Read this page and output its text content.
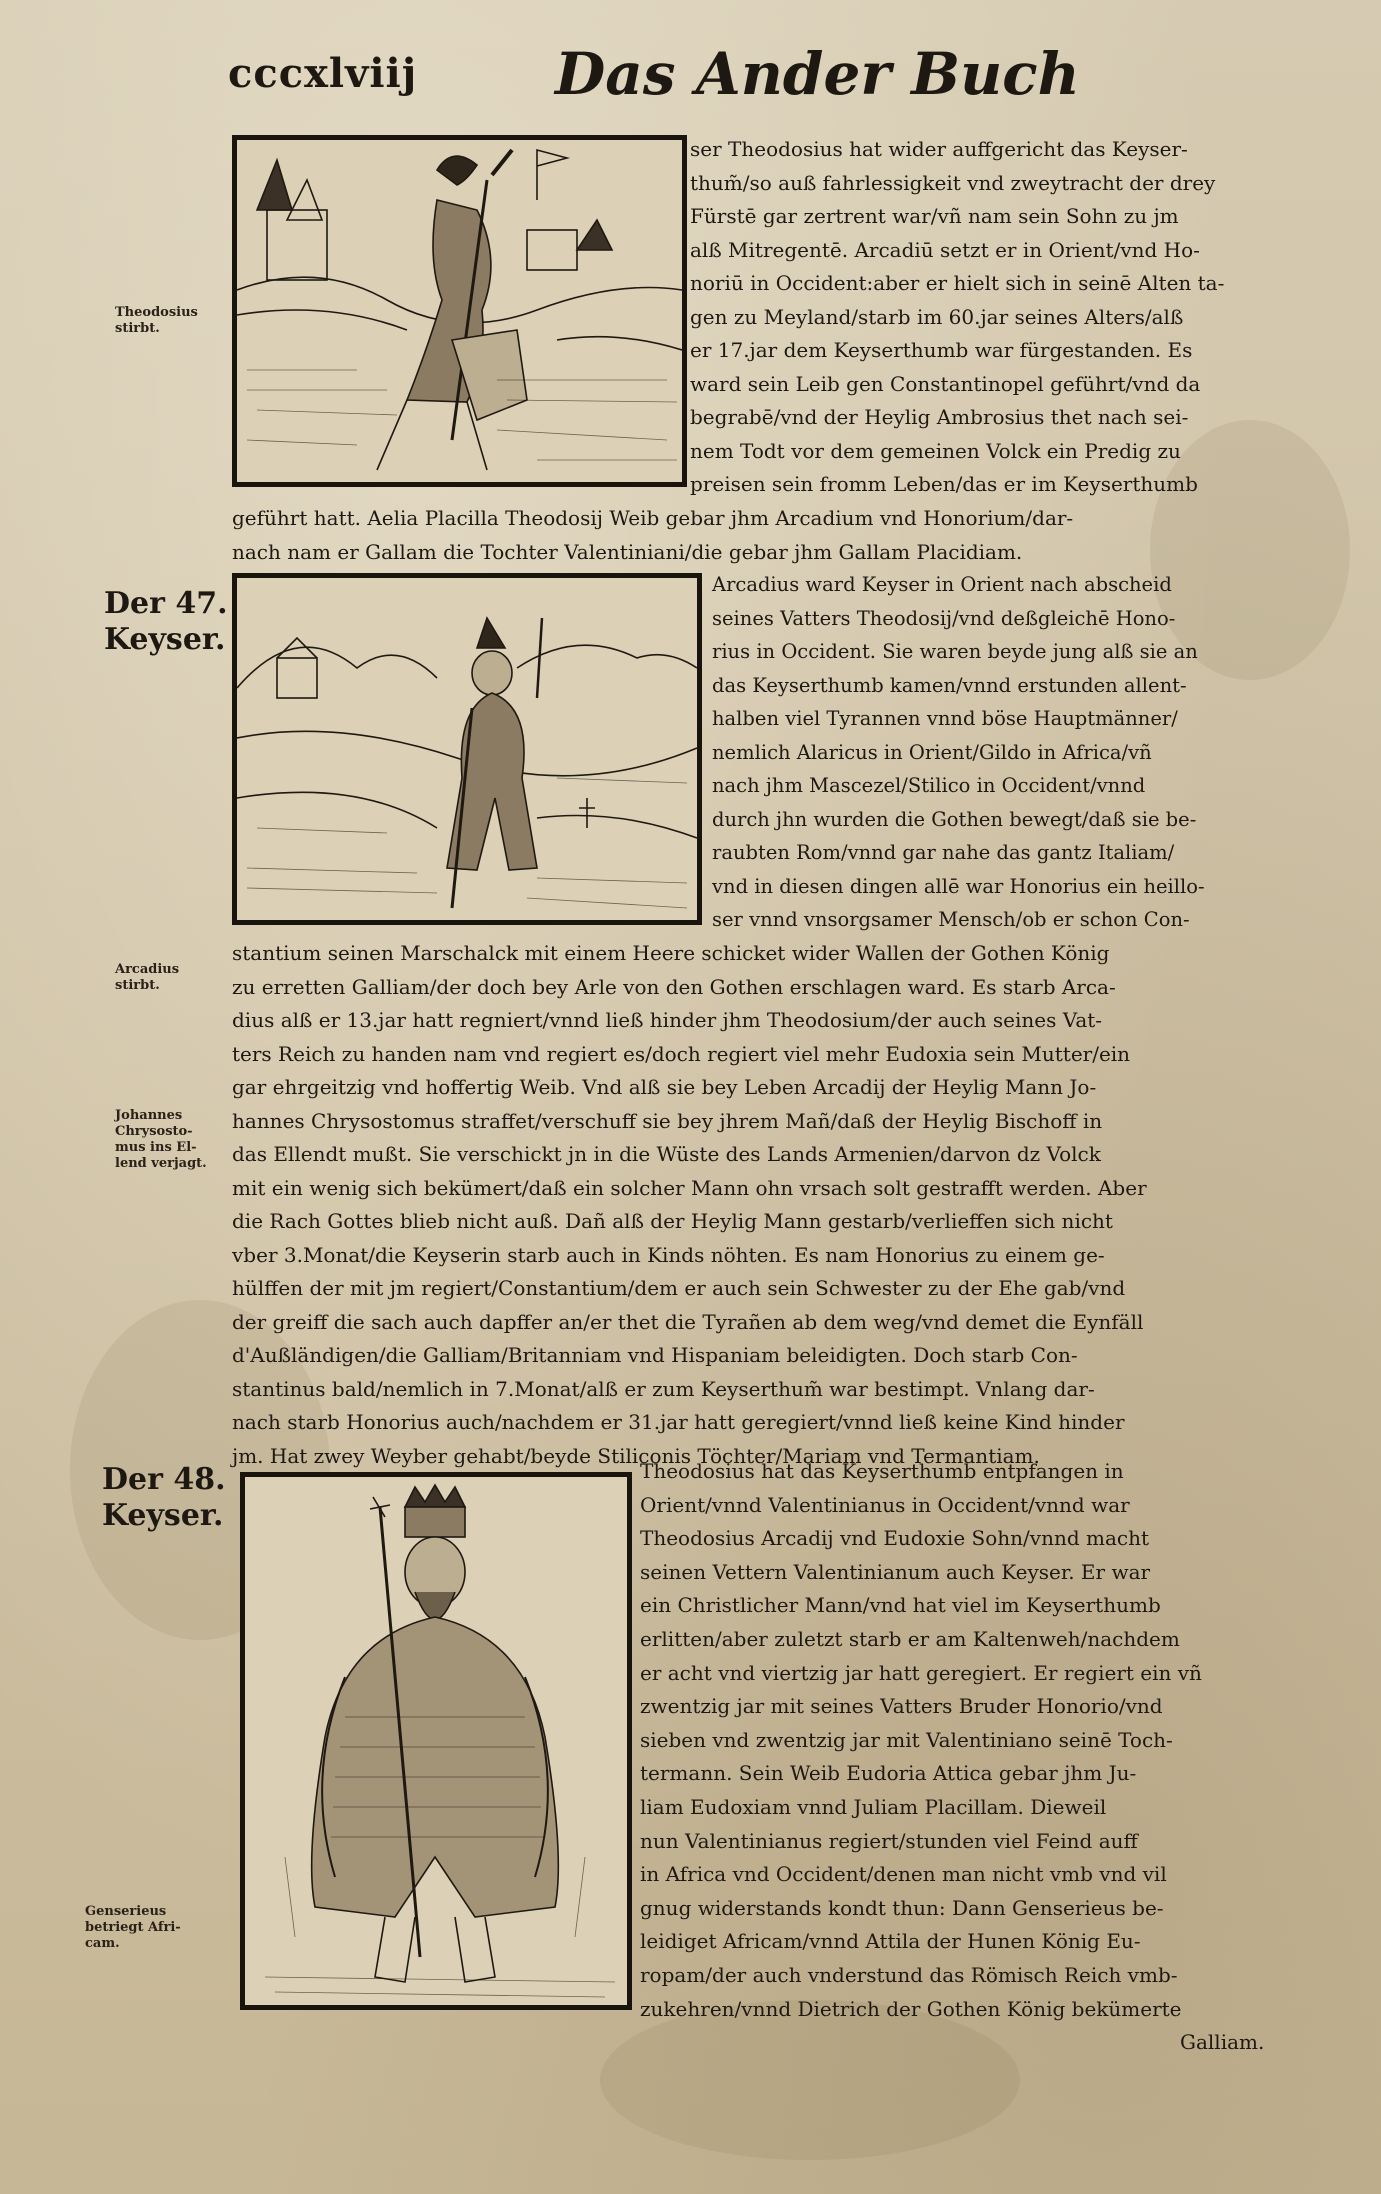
cccxlviij Das Ander Buch
Theodosius
stirbt.
Der 47.
Keyser.
Arcadius
stirbt.
Johannes
Chrysosto-
mus ins El-
lend verjagt.
Der 48.
Keyser.
Genserieus
betriegt Afri-
cam.
ser Theodosius hat wider auffgericht das Keyser-
thum̃/so auß fahrlessigkeit vnd zweytracht der drey
Fürstē gar zertrent war/vñ nam sein Sohn zu jm
alß Mitregentē. Arcadiū setzt er in Orient/vnd Ho-
noriū in Occident:aber er hielt sich in seinē Alten ta-
gen zu Meyland/starb im 60.jar seines Alters/alß
er 17.jar dem Keyserthumb war fürgestanden. Es
ward sein Leib gen Constantinopel geführt/vnd da
begrabē/vnd der Heylig Ambrosius thet nach sei-
nem Todt vor dem gemeinen Volck ein Predig zu
preisen sein fromm Leben/das er im Keyserthumb
geführt hatt. Aelia Placilla Theodosij Weib gebar jhm Arcadium vnd Honorium/dar-
nach nam er Gallam die Tochter Valentiniani/die gebar jhm Gallam Placidiam.
Arcadius ward Keyser in Orient nach abscheid
seines Vatters Theodosij/vnd deßgleichē Hono-
rius in Occident. Sie waren beyde jung alß sie an
das Keyserthumb kamen/vnnd erstunden allent-
halben viel Tyrannen vnnd böse Hauptmänner/
nemlich Alaricus in Orient/Gildo in Africa/vñ
nach jhm Mascezel/Stilico in Occident/vnnd
durch jhn wurden die Gothen bewegt/daß sie be-
raubten Rom/vnnd gar nahe das gantz Italiam/
vnd in diesen dingen allē war Honorius ein heillo-
ser vnnd vnsorgsamer Mensch/ob er schon Con-
stantium seinen Marschalck mit einem Heere schicket wider Wallen der Gothen König
zu erretten Galliam/der doch bey Arle von den Gothen erschlagen ward. Es starb Arca-
dius alß er 13.jar hatt regniert/vnnd ließ hinder jhm Theodosium/der auch seines Vat-
ters Reich zu handen nam vnd regiert es/doch regiert viel mehr Eudoxia sein Mutter/ein
gar ehrgeitzig vnd hoffertig Weib. Vnd alß sie bey Leben Arcadij der Heylig Mann Jo-
hannes Chrysostomus straffet/verschuff sie bey jhrem Mañ/daß der Heylig Bischoff in
das Ellendt mußt. Sie verschickt jn in die Wüste des Lands Armenien/darvon dz Volck
mit ein wenig sich bekümert/daß ein solcher Mann ohn vrsach solt gestrafft werden. Aber
die Rach Gottes blieb nicht auß. Dañ alß der Heylig Mann gestarb/verlieffen sich nicht
vber 3.Monat/die Keyserin starb auch in Kinds nöhten. Es nam Honorius zu einem ge-
hülffen der mit jm regiert/Constantium/dem er auch sein Schwester zu der Ehe gab/vnd
der greiff die sach auch dapffer an/er thet die Tyrañen ab dem weg/vnd demet die Eynfäll
d'Außländigen/die Galliam/Britanniam vnd Hispaniam beleidigten. Doch starb Con-
stantinus bald/nemlich in 7.Monat/alß er zum Keyserthum̃ war bestimpt. Vnlang dar-
nach starb Honorius auch/nachdem er 31.jar hatt geregiert/vnnd ließ keine Kind hinder
jm. Hat zwey Weyber gehabt/beyde Stiliconis Töchter/Mariam vnd Termantiam.
Theodosius hat das Keyserthumb entpfangen in
Orient/vnnd Valentinianus in Occident/vnnd war
Theodosius Arcadij vnd Eudoxie Sohn/vnnd macht
seinen Vettern Valentinianum auch Keyser. Er war
ein Christlicher Mann/vnd hat viel im Keyserthumb
erlitten/aber zuletzt starb er am Kaltenweh/nachdem
er acht vnd viertzig jar hatt geregiert. Er regiert ein vñ
zwentzig jar mit seines Vatters Bruder Honorio/vnd
sieben vnd zwentzig jar mit Valentiniano seinē Toch-
termann. Sein Weib Eudoria Attica gebar jhm Ju-
liam Eudoxiam vnnd Juliam Placillam. Dieweil
nun Valentinianus regiert/stunden viel Feind auff
in Africa vnd Occident/denen man nicht vmb vnd vil
gnug widerstands kondt thun: Dann Genserieus be-
leidiget Africam/vnnd Attila der Hunen König Eu-
ropam/der auch vnderstund das Römisch Reich vmb-
zukehren/vnnd Dietrich der Gothen König bekümerte
Galliam.
